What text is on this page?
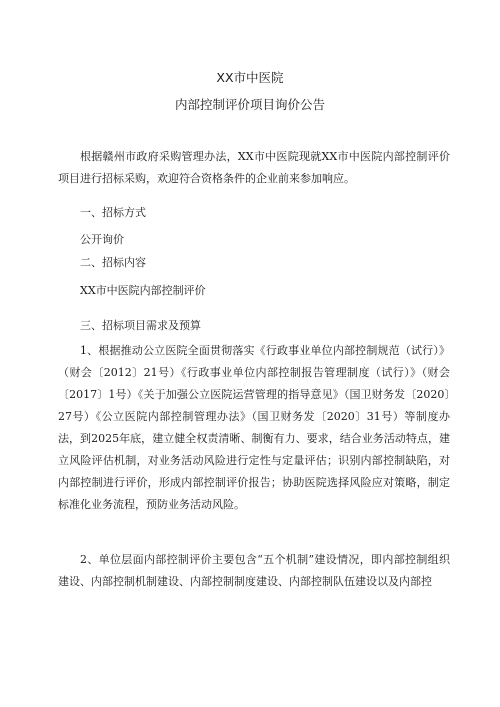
XX市中医院
内部控制评价项目询价公告

根据赣州市政府采购管理办法，XX市中医院现就XX市中医院内部控制评价项目进行招标采购，欢迎符合资格条件的企业前来参加响应。

一、招标方式

公开询价

二、招标内容

XX市中医院内部控制评价

三、招标项目需求及预算

1、根据推动公立医院全面贯彻落实《行政事业单位内部控制规范（试行）》（财会〔2012〕21号）《行政事业单位内部控制报告管理制度（试行）》（财会〔2017〕1号）《关于加强公立医院运营管理的指导意见》（国卫财务发〔2020〕27号）《公立医院内部控制管理办法》（国卫财务发〔2020〕31号）等制度办法，到2025年底，建立健全权责清晰、制衡有力、要求，结合业务活动特点，建立风险评估机制，对业务活动风险进行定性与定量评估；识别内部控制缺陷，对内部控制进行评价，形成内部控制评价报告；协助医院选择风险应对策略，制定标准化业务流程，预防业务活动风险。

2、单位层面内部控制评价主要包含“五个机制”建设情况，即内部控制组织建设、内部控制机制建设、内部控制制度建设、内部控制队伍建设以及内部控
